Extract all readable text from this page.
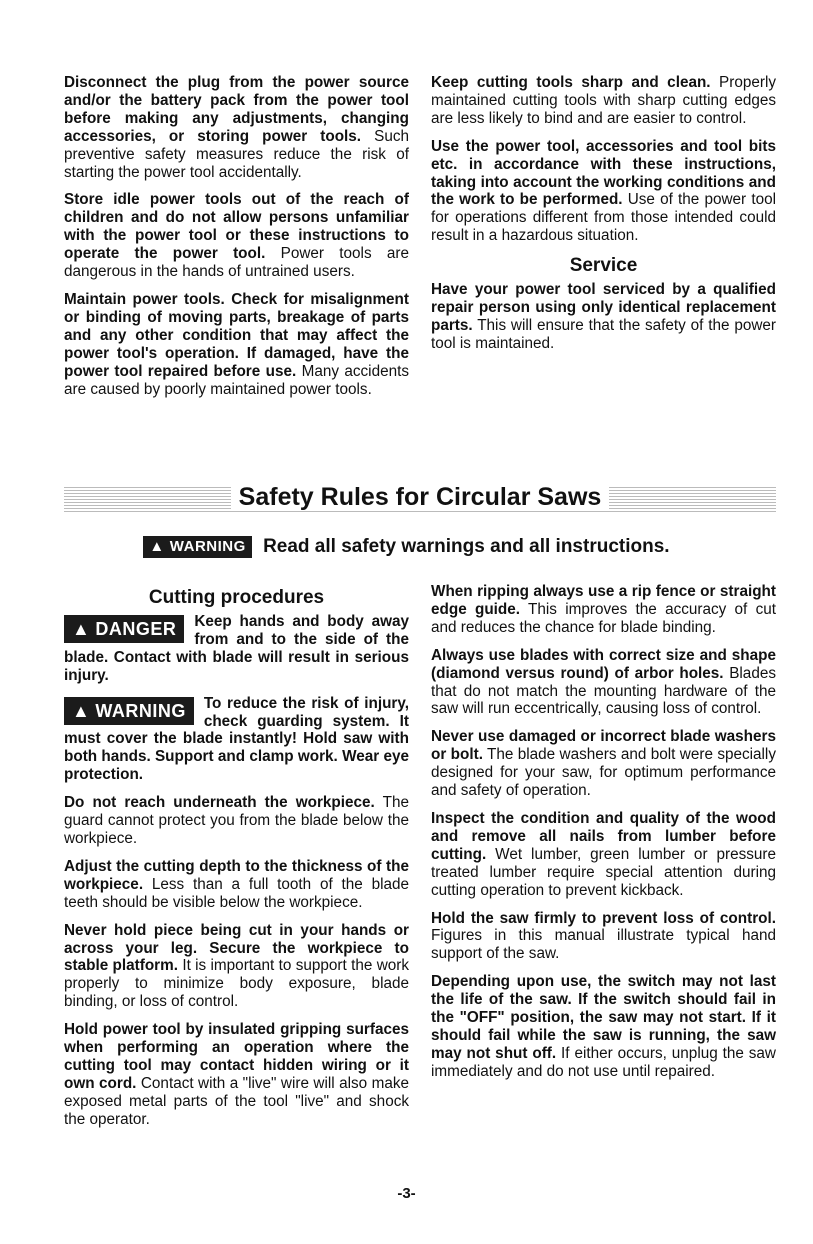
Disconnect the plug from the power source and/or the battery pack from the power tool before making any adjustments, changing accessories, or storing power tools. Such preventive safety measures reduce the risk of starting the power tool accidentally.

Store idle power tools out of the reach of children and do not allow persons unfamiliar with the power tool or these instructions to operate the power tool. Power tools are dangerous in the hands of untrained users.

Maintain power tools. Check for misalignment or binding of moving parts, breakage of parts and any other condition that may affect the power tool's operation. If damaged, have the power tool repaired before use. Many accidents are caused by poorly maintained power tools.

Keep cutting tools sharp and clean. Properly maintained cutting tools with sharp cutting edges are less likely to bind and are easier to control.

Use the power tool, accessories and tool bits etc. in accordance with these instructions, taking into account the working conditions and the work to be performed. Use of the power tool for operations different from those intended could result in a hazardous situation.

Service

Have your power tool serviced by a qualified repair person using only identical replacement parts. This will ensure that the safety of the power tool is maintained.

Safety Rules for Circular Saws
▲ WARNING Read all safety warnings and all instructions.

Cutting procedures

▲ DANGER	Keep hands and body away from and to the side of the blade. Contact with blade will result in serious injury.

▲ WARNING	To reduce the risk of injury, check guarding system. It must cover the blade instantly! Hold saw with both hands. Support and clamp work. Wear eye protection.

Do not reach underneath the workpiece. The guard cannot protect you from the blade below the workpiece.

Adjust the cutting depth to the thickness of the workpiece. Less than a full tooth of the blade teeth should be visible below the workpiece.

Never hold piece being cut in your hands or across your leg. Secure the workpiece to stable platform. It is important to support the work properly to minimize body exposure, blade binding, or loss of control.

Hold power tool by insulated gripping surfaces when performing an operation where the cutting tool may contact hidden wiring or it own cord. Contact with a "live" wire will also make exposed metal parts of the tool "live" and shock the operator.

When ripping always use a rip fence or straight edge guide. This improves the accuracy of cut and reduces the chance for blade binding.

Always use blades with correct size and shape (diamond versus round) of arbor holes. Blades that do not match the mounting hardware of the saw will run eccentrically, causing loss of control.

Never use damaged or incorrect blade washers or bolt. The blade washers and bolt were specially designed for your saw, for optimum performance and safety of operation.

Inspect the condition and quality of the wood and remove all nails from lumber before cutting. Wet lumber, green lumber or pressure treated lumber require special attention during cutting operation to prevent kickback.

Hold the saw firmly to prevent loss of control. Figures in this manual illustrate typical hand support of the saw.

Depending upon use, the switch may not last the life of the saw. If the switch should fail in the "OFF" position, the saw may not start. If it should fail while the saw is running, the saw may not shut off. If either occurs, unplug the saw immediately and do not use until repaired.

-3-
